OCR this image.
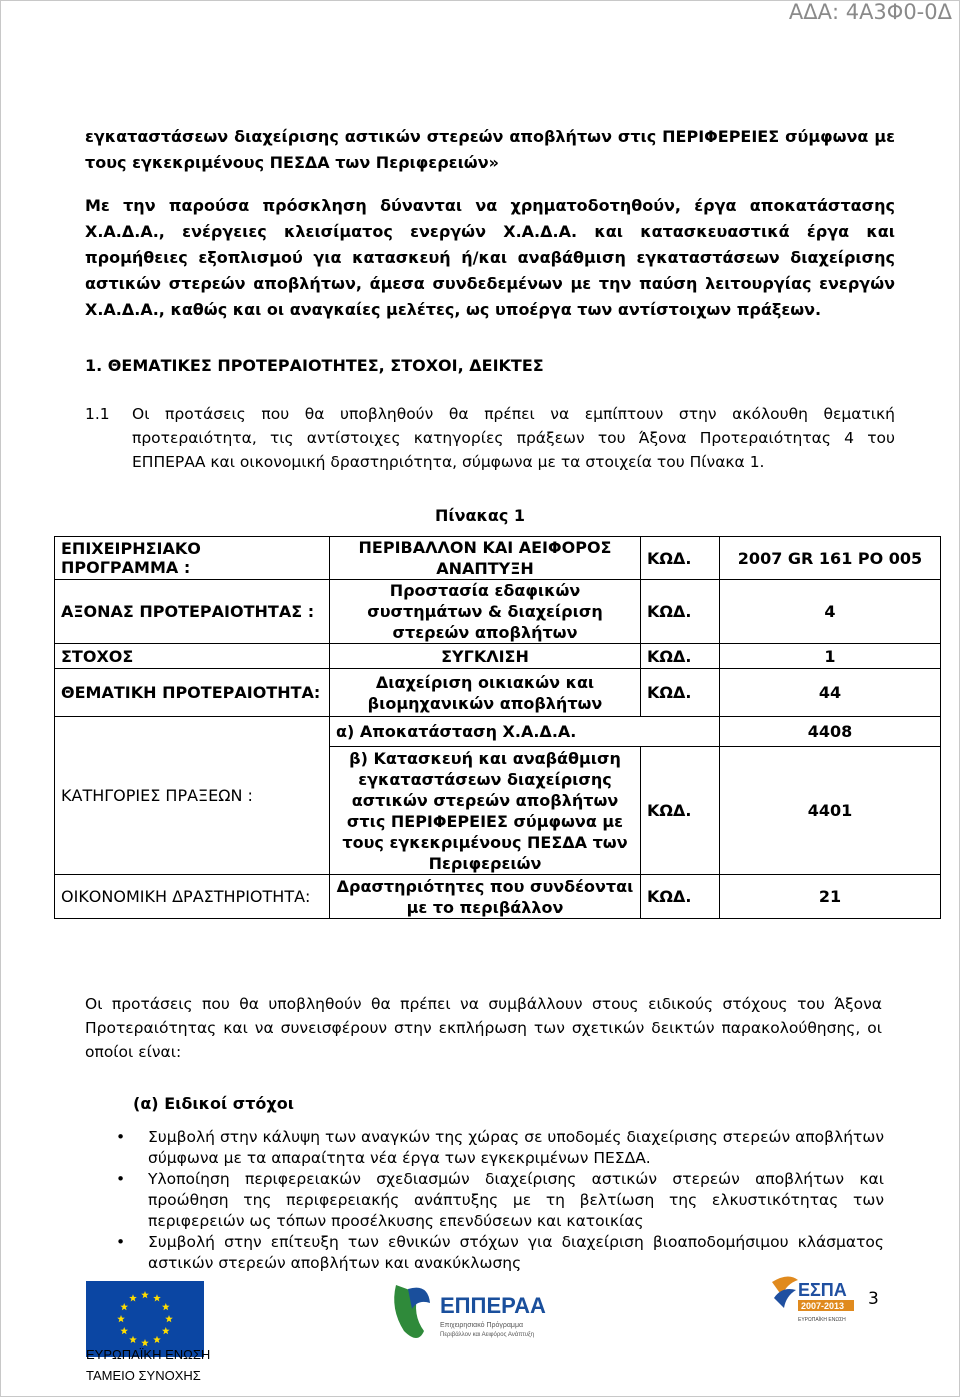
ΑΔΑ: 4Α3Φ0-0Δ
εγκαταστάσεων διαχείρισης αστικών στερεών αποβλήτων στις ΠΕΡΙΦΕΡΕΙΕΣ σύμφωνα με τους εγκεκριμένους ΠΕΣΔΑ των Περιφερειών»
Με την παρούσα πρόσκληση δύνανται να χρηματοδοτηθούν, έργα αποκατάστασης Χ.Α.Δ.Α., ενέργειες κλεισίματος ενεργών Χ.Α.Δ.Α. και κατασκευαστικά έργα και προμήθειες εξοπλισμού για κατασκευή ή/και αναβάθμιση εγκαταστάσεων διαχείρισης αστικών στερεών αποβλήτων, άμεσα συνδεδεμένων με την παύση λειτουργίας ενεργών Χ.Α.Δ.Α., καθώς και οι αναγκαίες μελέτες, ως υποέργα των αντίστοιχων πράξεων.
1. ΘΕΜΑΤΙΚΕΣ ΠΡΟΤΕΡΑΙΟΤΗΤΕΣ, ΣΤΟΧΟΙ, ΔΕΙΚΤΕΣ
1.1	Οι προτάσεις που θα υποβληθούν θα πρέπει να εμπίπτουν στην ακόλουθη θεματική προτεραιότητα, τις αντίστοιχες κατηγορίες πράξεων του Άξονα Προτεραιότητας 4 του ΕΠΠΕΡΑΑ και οικονομική δραστηριότητα, σύμφωνα με τα στοιχεία του Πίνακα 1.
Πίνακας 1
ΕΠΙΧΕΙΡΗΣΙΑΚΟ ΠΡΟΓΡΑΜΜΑ :	ΠΕΡΙΒΑΛΛΟΝ ΚΑΙ ΑΕΙΦΟΡΟΣ ΑΝΑΠΤΥΞΗ	ΚΩΔ.	2007 GR 161 PO 005
ΑΞΟΝΑΣ ΠΡΟΤΕΡΑΙΟΤΗΤΑΣ :	Προστασία εδαφικών συστημάτων & διαχείριση στερεών αποβλήτων	ΚΩΔ.	4
ΣΤΟΧΟΣ	ΣΥΓΚΛΙΣΗ	ΚΩΔ.	1
ΘΕΜΑΤΙΚΗ ΠΡΟΤΕΡΑΙΟΤΗΤΑ:	Διαχείριση οικιακών και βιομηχανικών αποβλήτων	ΚΩΔ.	44
ΚΑΤΗΓΟΡΙΕΣ ΠΡΑΞΕΩΝ :	α) Αποκατάσταση Χ.Α.Δ.Α.		4408
	β) Κατασκευή και αναβάθμιση εγκαταστάσεων διαχείρισης αστικών στερεών αποβλήτων στις ΠΕΡΙΦΕΡΕΙΕΣ σύμφωνα με τους εγκεκριμένους ΠΕΣΔΑ των Περιφερειών	ΚΩΔ.	4401
ΟΙΚΟΝΟΜΙΚΗ ΔΡΑΣΤΗΡΙΟΤΗΤΑ:	Δραστηριότητες που συνδέονται με το περιβάλλον	ΚΩΔ.	21
Οι προτάσεις που θα υποβληθούν θα πρέπει να συμβάλλουν στους ειδικούς στόχους του Άξονα Προτεραιότητας και να συνεισφέρουν στην εκπλήρωση των σχετικών δεικτών παρακολούθησης, οι οποίοι είναι:
(α) Ειδικοί στόχοι
• Συμβολή στην κάλυψη των αναγκών της χώρας σε υποδομές διαχείρισης στερεών αποβλήτων σύμφωνα με τα απαραίτητα νέα έργα των εγκεκριμένων ΠΕΣΔΑ.
• Υλοποίηση περιφερειακών σχεδιασμών διαχείρισης αστικών στερεών αποβλήτων και προώθηση της περιφερειακής ανάπτυξης με τη βελτίωση της ελκυστικότητας των περιφερειών ως τόπων προσέλκυσης επενδύσεων και κατοικίας
• Συμβολή στην επίτευξη των εθνικών στόχων για διαχείριση βιοαποδομήσιμου κλάσματος αστικών στερεών αποβλήτων και ανακύκλωσης
ΕΥΡΩΠΑΪΚΗ ΕΝΩΣΗ
ΤΑΜΕΙΟ ΣΥΝΟΧΗΣ
ΕΠΠΕΡΑΑ
Επιχειρησιακό Πρόγραμμα
Περιβάλλον και Αειφόρος Ανάπτυξη
ΕΣΠΑ
2007-2013
ΕΥΡΩΠΑΪΚΗ ΕΝΩΣΗ
3
